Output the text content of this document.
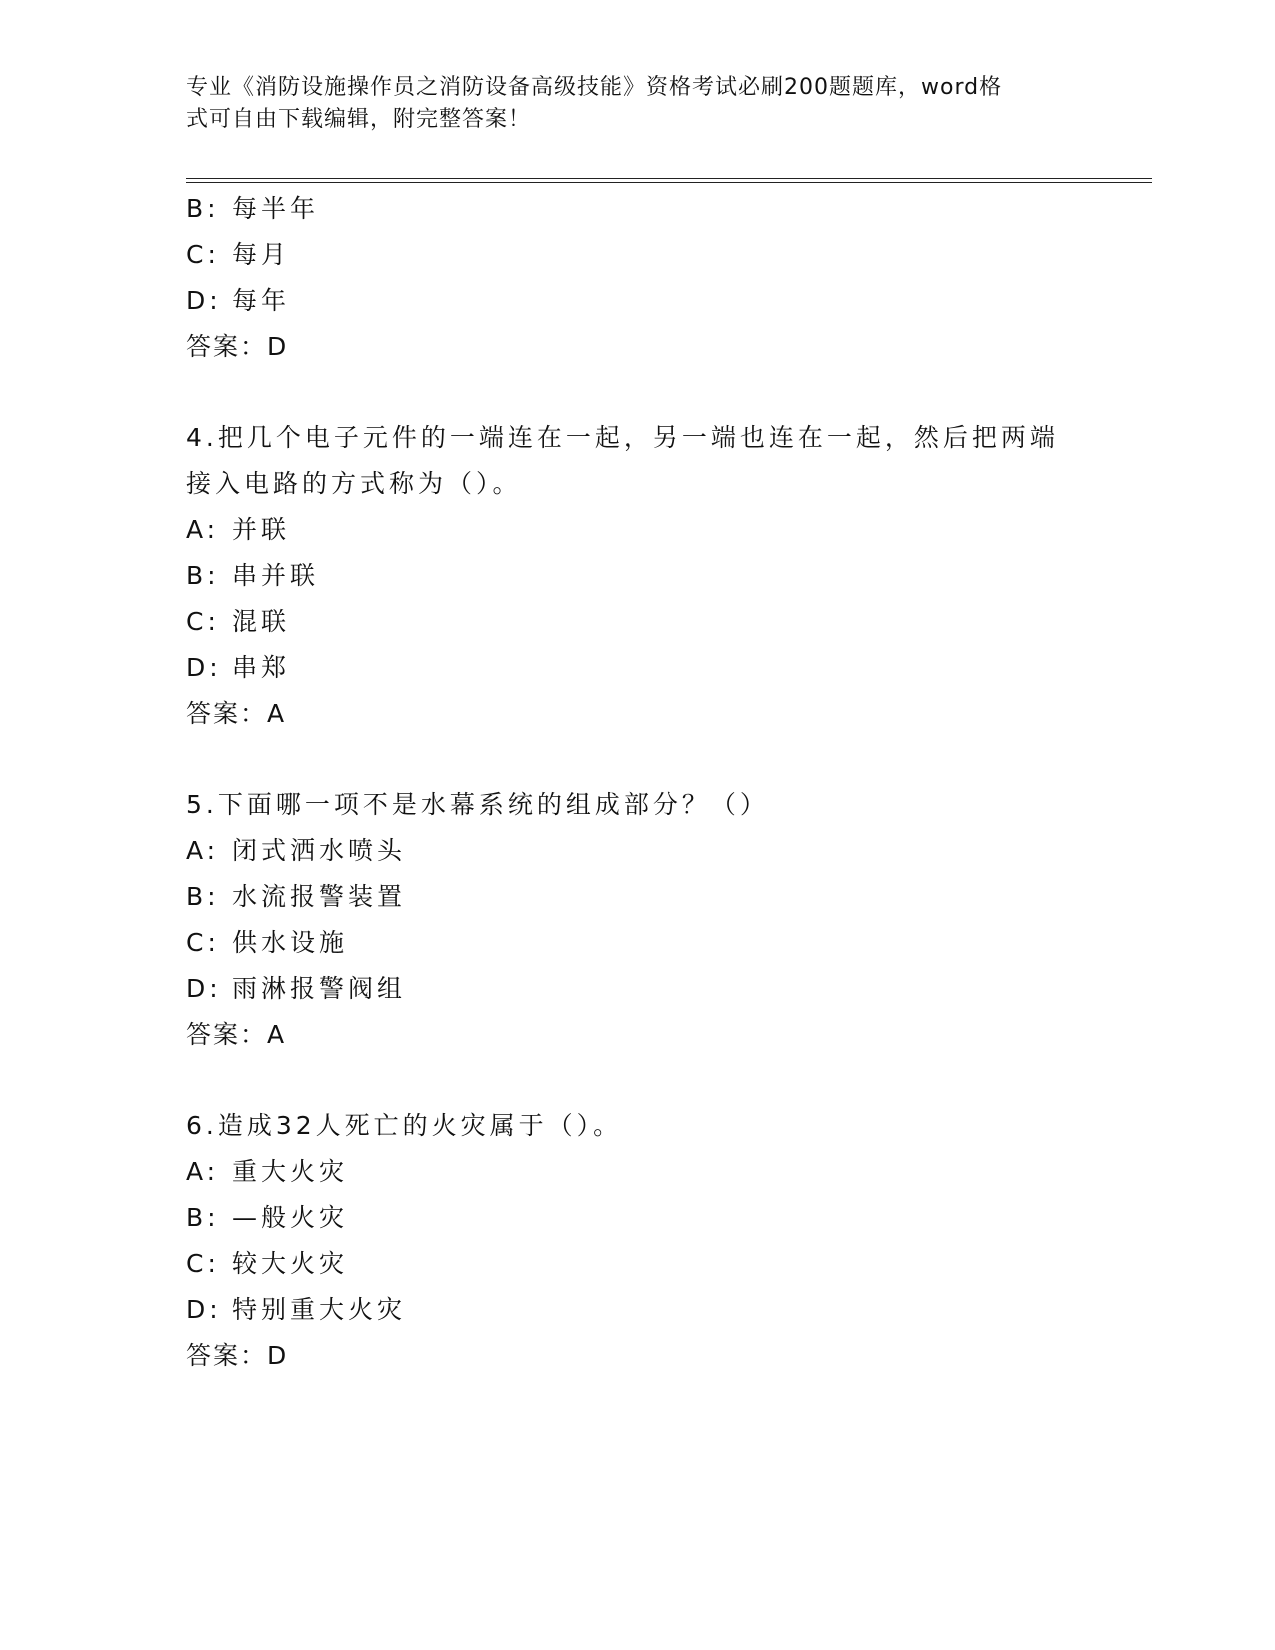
专业《消防设施操作员之消防设备高级技能》资格考试必刷200题题库，word格
式可自由下载编辑，附完整答案！
B: 每半年
C: 每月
D: 每年
答案：D
4.把几个电子元件的一端连在一起，另一端也连在一起，然后把两端
接入电路的方式称为（）。
A: 并联
B: 串并联
C: 混联
D: 串郑
答案：A
5.下面哪一项不是水幕系统的组成部分？（）
A: 闭式洒水喷头
B: 水流报警装置
C: 供水设施
D: 雨淋报警阀组
答案：A
6.造成32人死亡的火灾属于（）。
A: 重大火灾
B: —般火灾
C: 较大火灾
D: 特别重大火灾
答案：D
